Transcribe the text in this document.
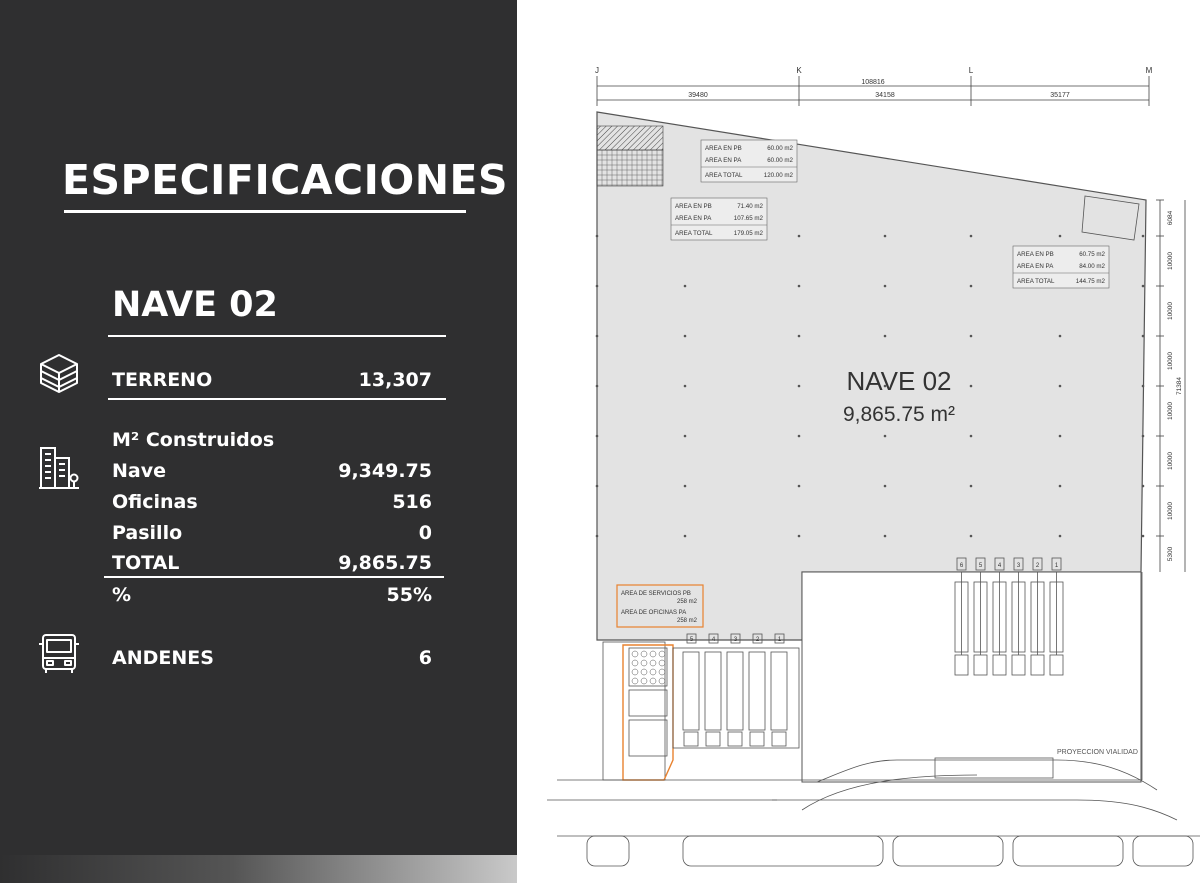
ESPECIFICACIONES
NAVE 02
TERRENO	13,307
M² Construidos
Nave	9,349.75
Oficinas	516
Pasillo	0
TOTAL	9,865.75
%	55%
ANDENES	6
J	K	L	M
108816
39480	34158	35177
6084
10000
10000
10000
10000
10000
10000
5300
71384
AREA EN PB	60.00 m2
AREA EN PA	60.00 m2
AREA TOTAL	120.00 m2
AREA EN PB	71.40 m2
AREA EN PA	107.65 m2
AREA TOTAL	179.05 m2
AREA EN PB	60.75 m2
AREA EN PA	84.00 m2
AREA TOTAL	144.75 m2
AREA DE SERVICIOS PB
258 m2
AREA DE OFICINAS PA
258 m2
5	4	3	2	1
6	5	4	3	2	1
PROYECCION VIALIDAD
NAVE 02
9,865.75 m²
